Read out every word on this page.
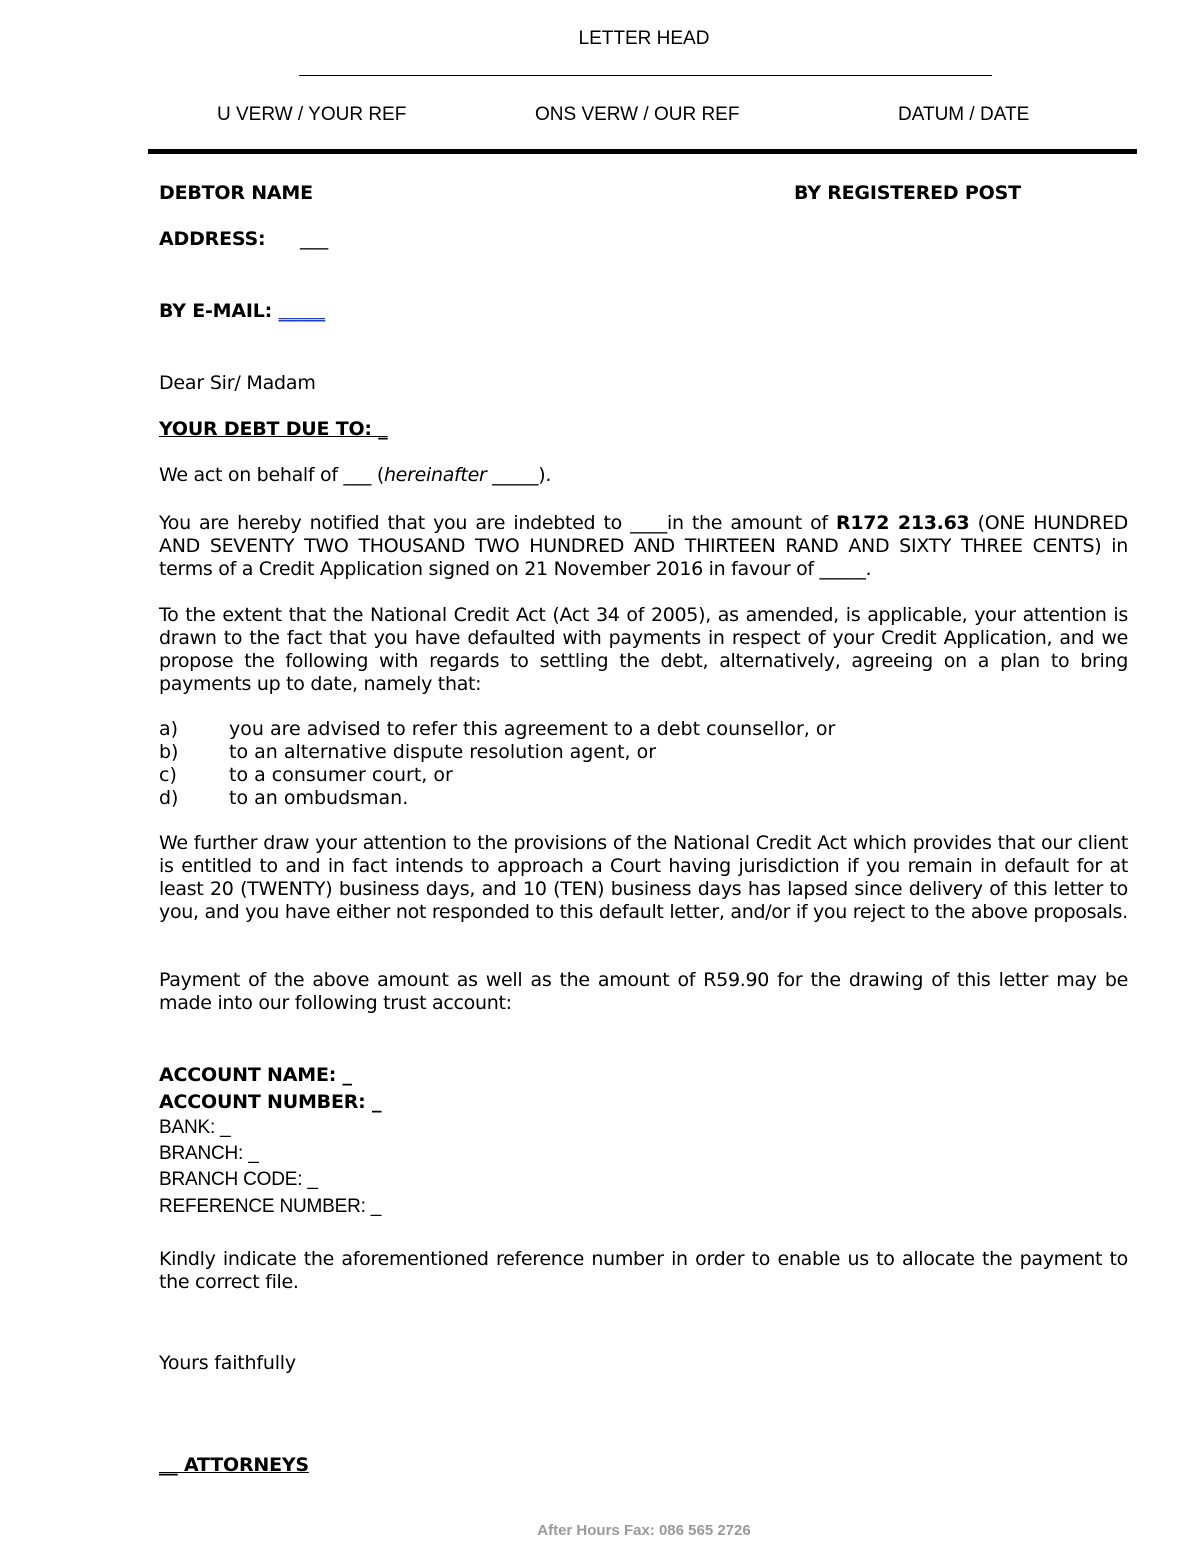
LETTER HEAD
U VERW / YOUR REF	ONS VERW / OUR REF	DATUM / DATE
DEBTOR NAME	BY REGISTERED POST
ADDRESS: ___
BY E-MAIL: _____
Dear Sir/ Madam
YOUR DEBT DUE TO: _
We act on behalf of ___ (hereinafter _____).
You are hereby notified that you are indebted to ____in the amount of R172 213.63 (ONE HUNDRED AND SEVENTY TWO THOUSAND TWO HUNDRED AND THIRTEEN RAND AND SIXTY THREE CENTS) in terms of a Credit Application signed on 21 November 2016 in favour of _____.
To the extent that the National Credit Act (Act 34 of 2005), as amended, is applicable, your attention is drawn to the fact that you have defaulted with payments in respect of your Credit Application, and we propose the following with regards to settling the debt, alternatively, agreeing on a plan to bring payments up to date, namely that:
a)	you are advised to refer this agreement to a debt counsellor, or
b)	to an alternative dispute resolution agent, or
c)	to a consumer court, or
d)	to an ombudsman.
We further draw your attention to the provisions of the National Credit Act which provides that our client is entitled to and in fact intends to approach a Court having jurisdiction if you remain in default for at least 20 (TWENTY) business days, and 10 (TEN) business days has lapsed since delivery of this letter to you, and you have either not responded to this default letter, and/or if you reject to the above proposals.
Payment of the above amount as well as the amount of R59.90 for the drawing of this letter may be made into our following trust account:
ACCOUNT NAME: _
ACCOUNT NUMBER: _
BANK: _
BRANCH: _
BRANCH CODE: _
REFERENCE NUMBER: _
Kindly indicate the aforementioned reference number in order to enable us to allocate the payment to the correct file.
Yours faithfully
__ ATTORNEYS
After Hours Fax: 086 565 2726
